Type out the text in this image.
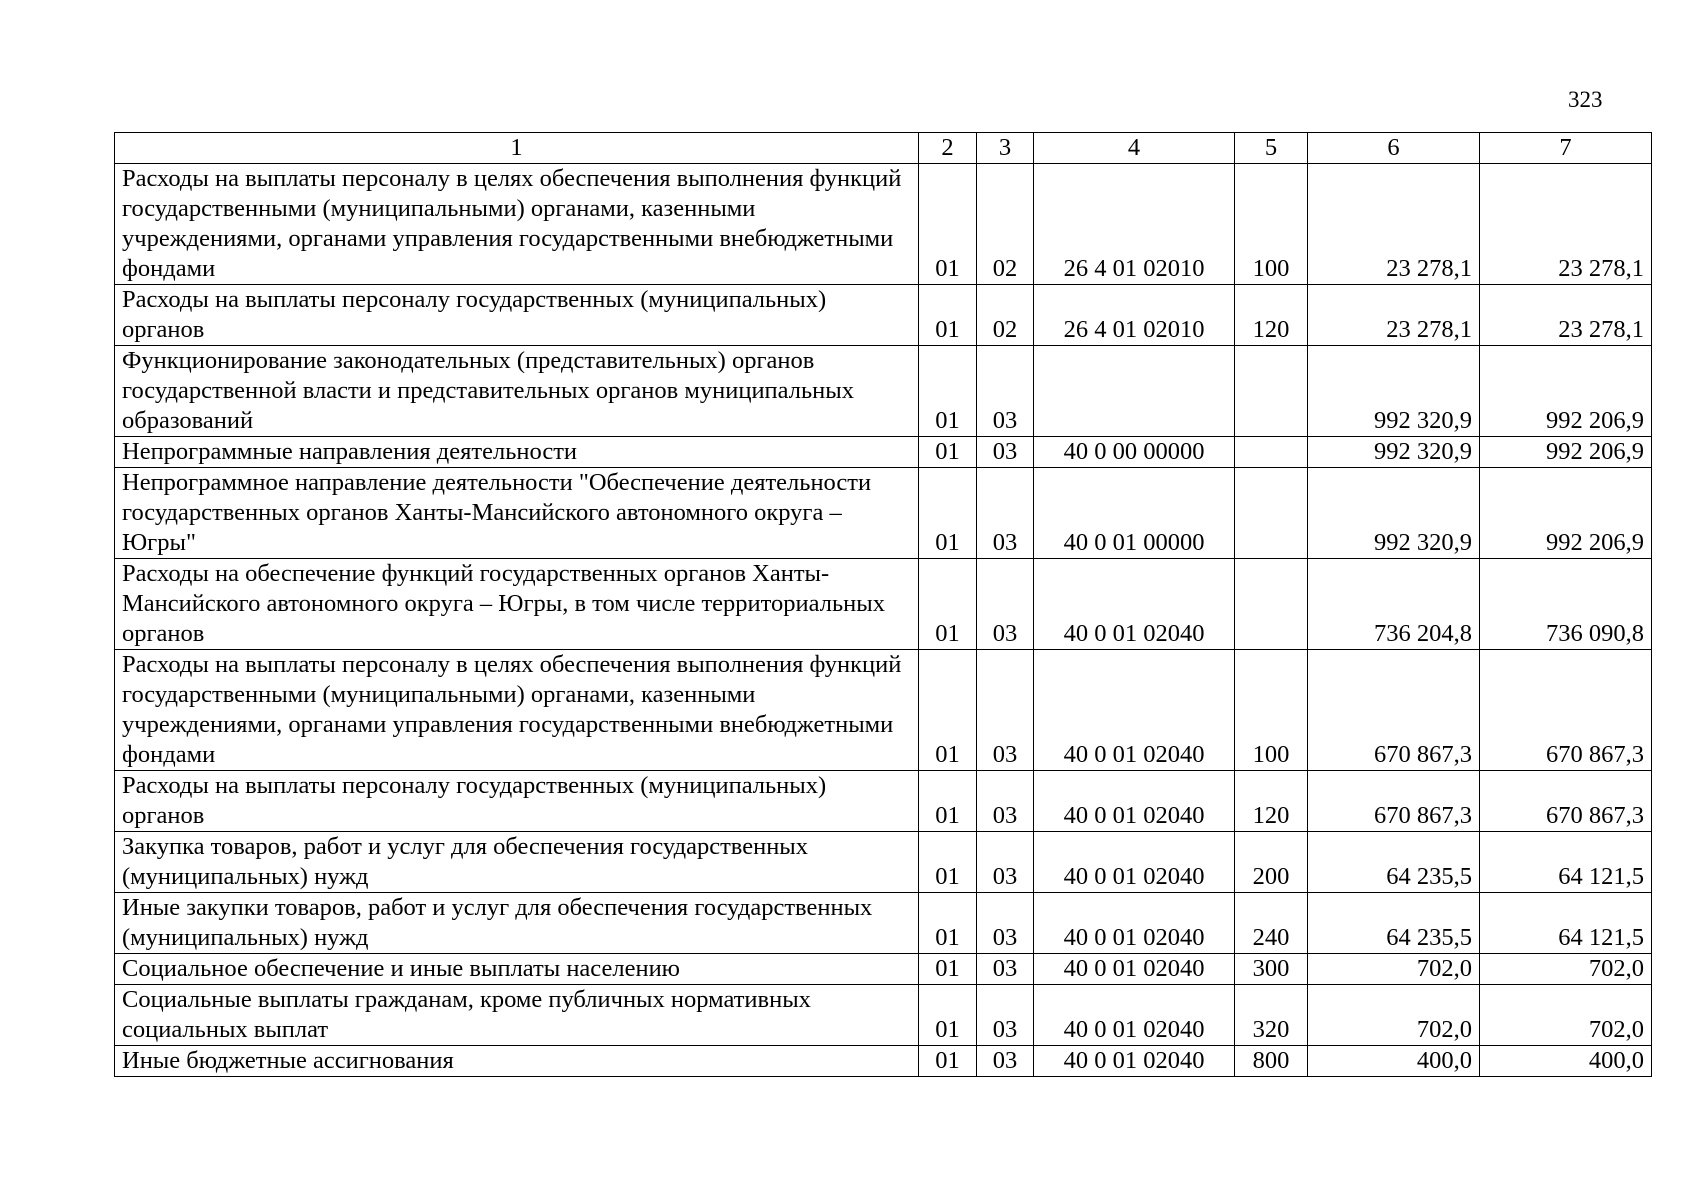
323
1	2	3	4	5	6	7
Расходы на выплаты персоналу в целях обеспечения выполнения функций государственными (муниципальными) органами, казенными учреждениями, органами управления государственными внебюджетными фондами	01	02	26 4 01 02010	100	23 278,1	23 278,1
Расходы на выплаты персоналу государственных (муниципальных) органов	01	02	26 4 01 02010	120	23 278,1	23 278,1
Функционирование законодательных (представительных) органов государственной власти и представительных органов муниципальных образований	01	03			992 320,9	992 206,9
Непрограммные направления деятельности	01	03	40 0 00 00000		992 320,9	992 206,9
Непрограммное направление деятельности "Обеспечение деятельности государственных органов Ханты-Мансийского автономного округа – Югры"	01	03	40 0 01 00000		992 320,9	992 206,9
Расходы на обеспечение функций государственных органов Ханты-Мансийского автономного округа – Югры, в том числе территориальных органов	01	03	40 0 01 02040		736 204,8	736 090,8
Расходы на выплаты персоналу в целях обеспечения выполнения функций государственными (муниципальными) органами, казенными учреждениями, органами управления государственными внебюджетными фондами	01	03	40 0 01 02040	100	670 867,3	670 867,3
Расходы на выплаты персоналу государственных (муниципальных) органов	01	03	40 0 01 02040	120	670 867,3	670 867,3
Закупка товаров, работ и услуг для обеспечения государственных (муниципальных) нужд	01	03	40 0 01 02040	200	64 235,5	64 121,5
Иные закупки товаров, работ и услуг для обеспечения государственных (муниципальных) нужд	01	03	40 0 01 02040	240	64 235,5	64 121,5
Социальное обеспечение и иные выплаты населению	01	03	40 0 01 02040	300	702,0	702,0
Социальные выплаты гражданам, кроме публичных нормативных социальных выплат	01	03	40 0 01 02040	320	702,0	702,0
Иные бюджетные ассигнования	01	03	40 0 01 02040	800	400,0	400,0
